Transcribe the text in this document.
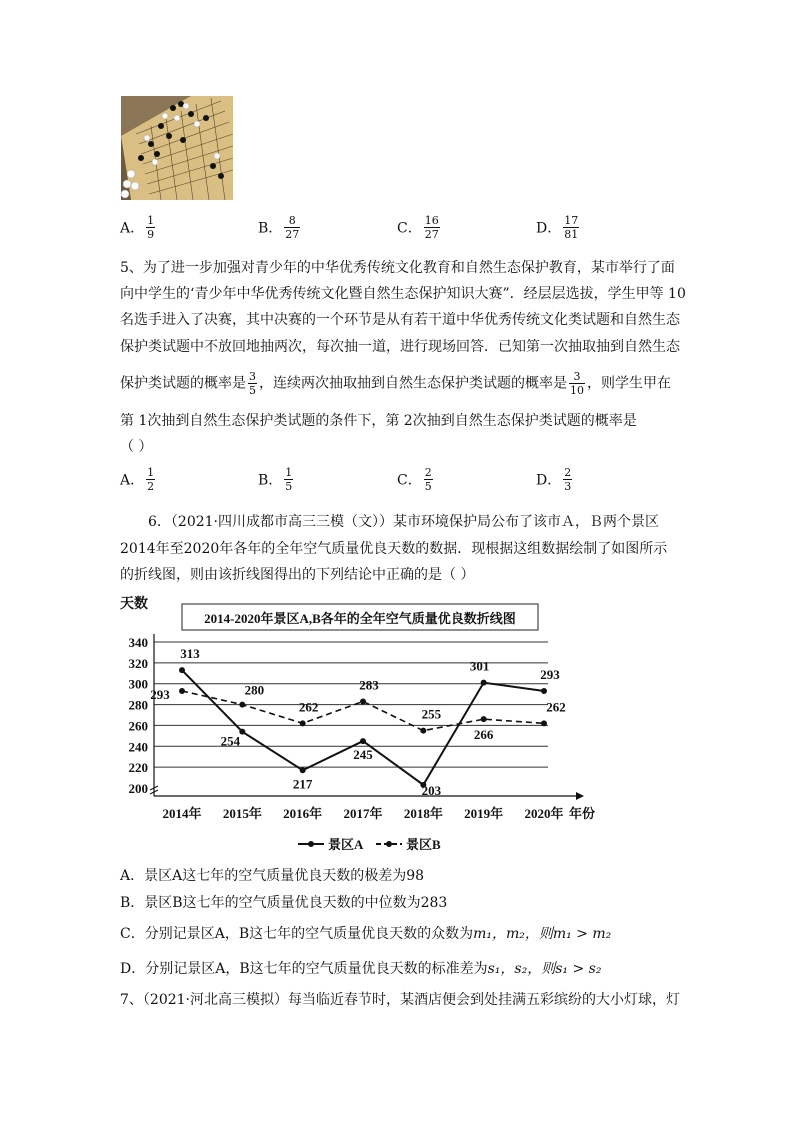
A． $\frac{1}{9}$	B． $\frac{8}{27}$	C． $\frac{16}{27}$	D． $\frac{17}{81}$
5、为了进一步加强对青少年的中华优秀传统文化教育和自然生态保护教育，某市举行了面
向中学生的‘青少年中华优秀传统文化暨自然生态保护知识大赛”．经层层选拔，学生甲等 10
名选手进入了决赛，其中决赛的一个环节是从有若干道中华优秀传统文化类试题和自然生态
保护类试题中不放回地抽两次，每次抽一道，进行现场回答．已知第一次抽取抽到自然生态
保护类试题的概率是 $\frac{3}{5}$ ，连续两次抽取抽到自然生态保护类试题的概率是 $\frac{3}{10}$ ，则学生甲在
第 1次抽到自然生态保护类试题的条件下，第 2次抽到自然生态保护类试题的概率是
（ ）
A． $\frac{1}{2}$	B． $\frac{1}{5}$	C． $\frac{2}{5}$	D． $\frac{2}{3}$
6．（2021·四川成都市高三三模（文））某市环境保护局公布了该市Ａ，Ｂ两个景区
2014年至2020年各年的全年空气质量优良天数的数据．现根据这组数据绘制了如图所示
的折线图，则由该折线图得出的下列结论中正确的是（ ）
天数
2014-2020年景区A,B各年的全年空气质量优良数折线图
340
320
300
280
260
240
220
200
2014年 2015年 2016年 2017年 2018年 2019年 2020年 年份
313
254
217
245
203
301
293
293	280
262
283
255
266
262
景区A	景区B
A．景区A这七年的空气质量优良天数的极差为98
B．景区B这七年的空气质量优良天数的中位数为283
C．分别记景区A，B这七年的空气质量优良天数的众数为m₁，m₂，则m₁ > m₂
D．分别记景区A，B这七年的空气质量优良天数的标准差为s₁，s₂，则s₁ > s₂
7、（2021·河北高三模拟）每当临近春节时，某酒店便会到处挂满五彩缤纷的大小灯球，灯
